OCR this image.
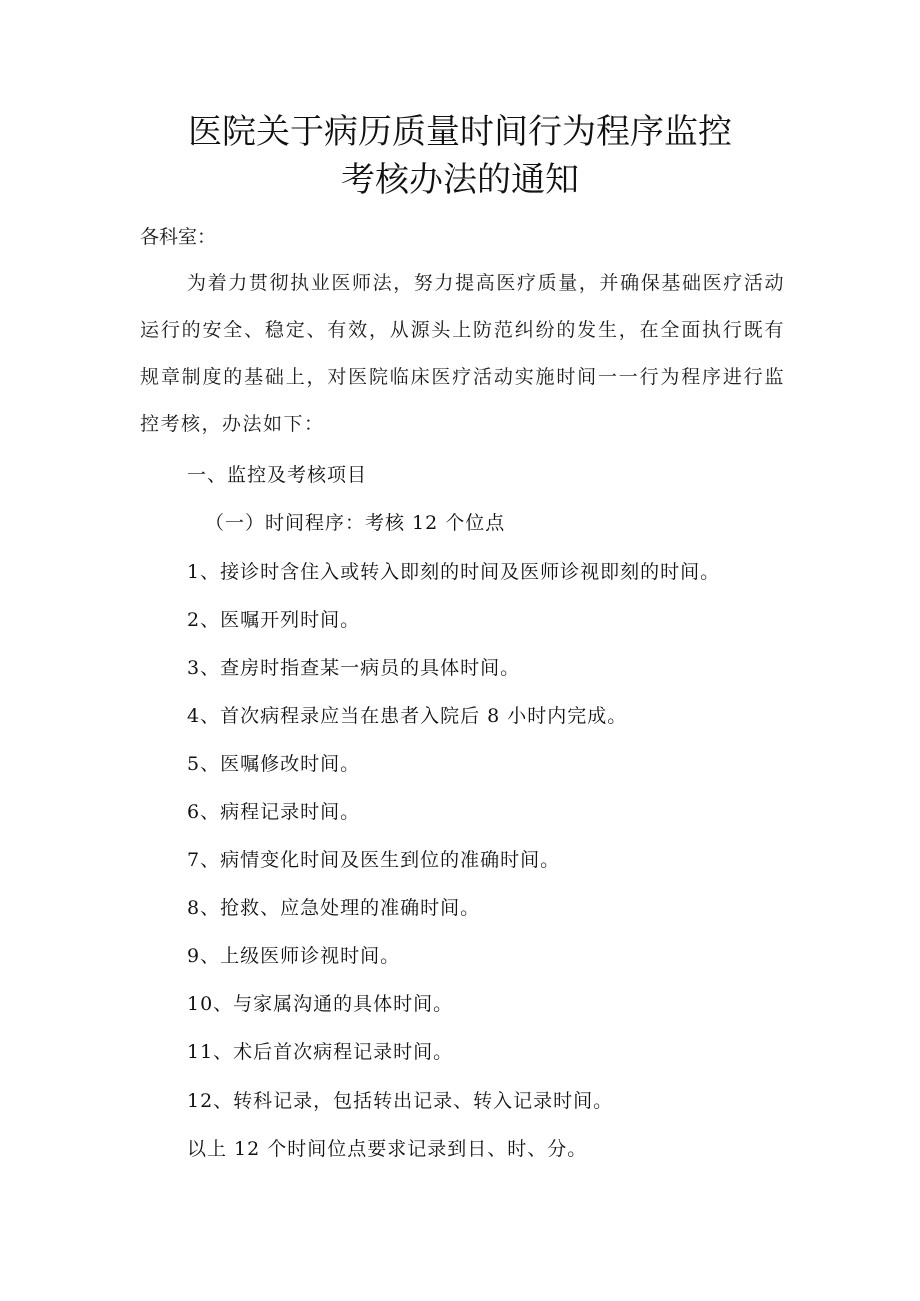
医院关于病历质量时间行为程序监控
考核办法的通知
各科室：
为着力贯彻执业医师法，努力提高医疗质量，并确保基础医疗活动运行的安全、稳定、有效，从源头上防范纠纷的发生，在全面执行既有规章制度的基础上，对医院临床医疗活动实施时间一一行为程序进行监控考核，办法如下：
一、监控及考核项目
（一）时间程序：考核 12 个位点
1、接诊时含住入或转入即刻的时间及医师诊视即刻的时间。
2、医嘱开列时间。
3、查房时指查某一病员的具体时间。
4、首次病程录应当在患者入院后 8 小时内完成。
5、医嘱修改时间。
6、病程记录时间。
7、病情变化时间及医生到位的准确时间。
8、抢救、应急处理的准确时间。
9、上级医师诊视时间。
10、与家属沟通的具体时间。
11、术后首次病程记录时间。
12、转科记录，包括转出记录、转入记录时间。
以上 12 个时间位点要求记录到日、时、分。
